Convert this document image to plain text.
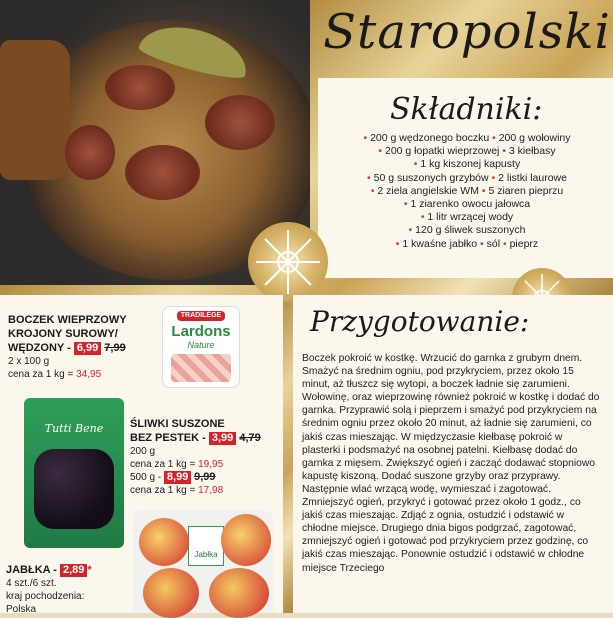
Staropolski
Składniki:
• 200 g wędzonego boczku • 200 g wołowiny
• 200 g łopatki wieprzowej • 3 kiełbasy
• 1 kg kiszonej kapusty
• 50 g suszonych grzybów • 2 listki laurowe
• 2 ziela angielskie WM • 5 ziaren pieprzu
• 1 ziarenko owocu jałowca
• 1 litr wrzącej wody
• 120 g śliwek suszonych
• 1 kwaśne jabłko • sól • pieprz
BOCZEK WIEPRZOWY
KROJONY SUROWY/
WĘDZONY - 6,99 7,99
2 x 100 g
cena za 1 kg = 34,95
TRADILÈGE
Lardons
Nature
Tutti Bene	ŚLIWKI SUSZONE
BEZ PESTEK - 3,99 4,79
200 g
cena za 1 kg = 19,95
500 g - 8,99 9,99
cena za 1 kg = 17,98
JABŁKA - 2,89 *
4 szt./6 szt.
kraj pochodzenia:
Polska
Jabłka
Przygotowanie:
Boczek pokroić w kostkę. Wrzucić do garnka z grubym dnem. Smażyć na średnim ogniu, pod przykryciem, przez około 15 minut, aż tłuszcz się wytopi, a boczek ładnie się zarumieni. Wołowinę, oraz wieprzowinę również pokroić w kostkę i dodać do garnka. Przyprawić solą i pieprzem i smażyć pod przykryciem na średnim ogniu przez około 20 minut, aż ładnie się zarumieni, co jakiś czas mieszając. W międzyczasie kiełbasę pokroić w plasterki i podsmażyć na osobnej patelni. Kiełbasę dodać do garnka z mięsem. Zwiększyć ogień i zacząć dodawać stopniowo kapustę kiszoną. Dodać suszone grzyby oraz przyprawy. Następnie wlać wrzącą wodę, wymieszać i zagotować. Zmniejszyć ogień, przykryć i gotować przez około 1 godz., co jakiś czas mieszając. Zdjąć z ognia, ostudzić i odstawić w chłodne miejsce. Drugiego dnia bigos podgrzać, zagotować, zmniejszyć ogień i gotować pod przykryciem przez godzinę, co jakiś czas mieszając. Ponownie ostudzić i odstawić w chłodne miejsce Trzeciego
